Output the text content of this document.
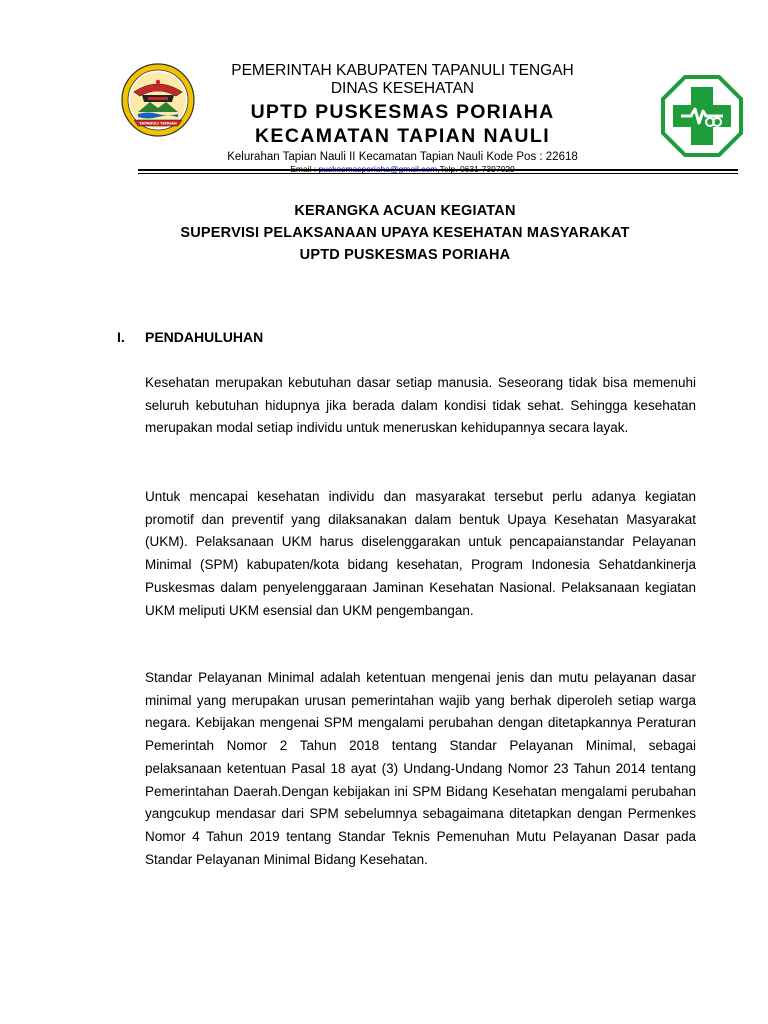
TAPANULI TENGAH
PEMERINTAH KABUPATEN TAPANULI TENGAH
DINAS KESEHATAN
UPTD PUSKESMAS PORIAHA
KECAMATAN TAPIAN NAULI
Kelurahan Tapian Nauli II Kecamatan Tapian Nauli Kode Pos : 22618
KERANGKA ACUAN KEGIATAN
SUPERVISI PELAKSANAAN UPAYA KESEHATAN MASYARAKAT
UPTD PUSKESMAS PORIAHA
I. PENDAHULUHAN
Kesehatan merupakan kebutuhan dasar setiap manusia. Seseorang tidak bisa memenuhi seluruh kebutuhan hidupnya jika berada dalam kondisi tidak sehat. Sehingga kesehatan merupakan modal setiap individu untuk meneruskan kehidupannya secara layak.
Untuk mencapai kesehatan individu dan masyarakat tersebut perlu adanya kegiatan promotif dan preventif yang dilaksanakan dalam bentuk Upaya Kesehatan Masyarakat (UKM). Pelaksanaan UKM harus diselenggarakan untuk pencapaianstandar Pelayanan Minimal (SPM) kabupaten/kota bidang kesehatan, Program Indonesia Sehatdankinerja Puskesmas dalam penyelenggaraan Jaminan Kesehatan Nasional. Pelaksanaan kegiatan UKM meliputi UKM esensial dan UKM pengembangan.
Standar Pelayanan Minimal adalah ketentuan mengenai jenis dan mutu pelayanan dasar minimal yang merupakan urusan pemerintahan wajib yang berhak diperoleh setiap warga negara. Kebijakan mengenai SPM mengalami perubahan dengan ditetapkannya Peraturan Pemerintah Nomor 2 Tahun 2018 tentang Standar Pelayanan Minimal, sebagai pelaksanaan ketentuan Pasal 18 ayat (3) Undang-Undang Nomor 23 Tahun 2014 tentang Pemerintahan Daerah.Dengan kebijakan ini SPM Bidang Kesehatan mengalami perubahan yangcukup mendasar dari SPM sebelumnya sebagaimana ditetapkan dengan Permenkes Nomor 4 Tahun 2019 tentang Standar Teknis Pemenuhan Mutu Pelayanan Dasar pada Standar Pelayanan Minimal Bidang Kesehatan.
